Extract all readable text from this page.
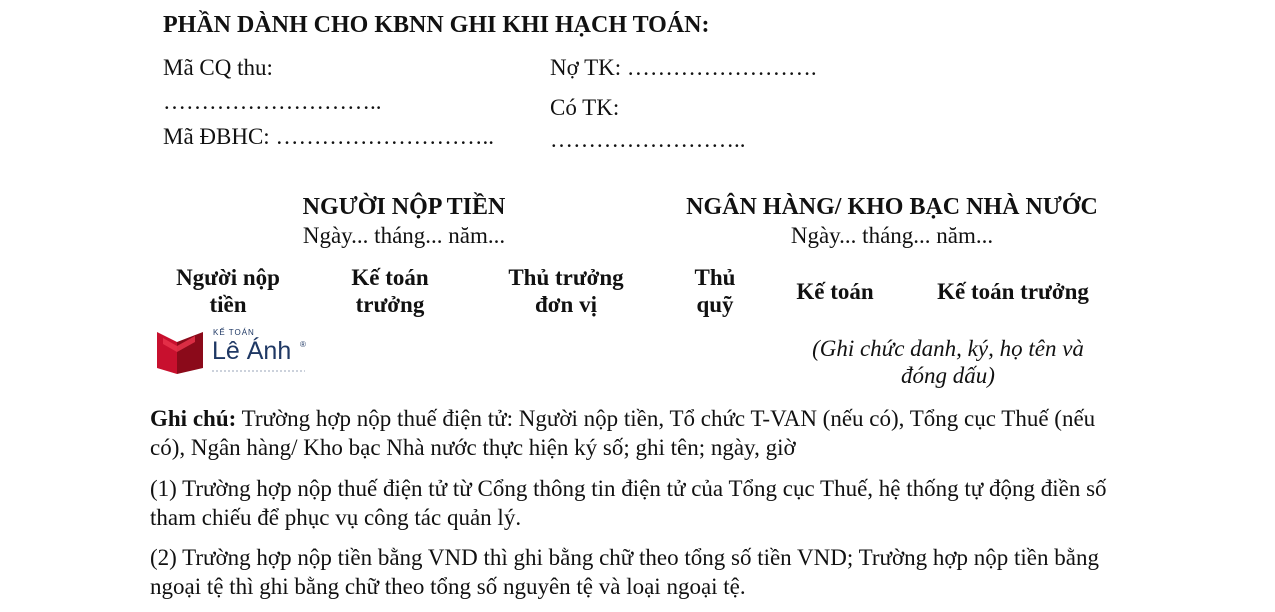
PHẦN DÀNH CHO KBNN GHI KHI HẠCH TOÁN:
Mã CQ thu:
………………………..
Mã ĐBHC: ………………………..
Nợ TK: …………………….
Có TK:
……………………..
NGƯỜI NỘP TIỀN
Ngày... tháng... năm...
Người nộp
tiền
Kế toán
trưởng
Thủ trưởng
đơn vị
NGÂN HÀNG/ KHO BẠC NHÀ NƯỚC
Ngày... tháng... năm...
Thủ
quỹ
Kế toán	Kế toán trưởng
(Ghi chức danh, ký, họ tên và
đóng dấu)
KẾ TOÁN
Lê Ánh ®
Ghi chú: Trường hợp nộp thuế điện tử: Người nộp tiền, Tổ chức T-VAN (nếu có), Tổng cục Thuế (nếu có), Ngân hàng/ Kho bạc Nhà nước thực hiện ký số; ghi tên; ngày, giờ
(1) Trường hợp nộp thuế điện tử từ Cổng thông tin điện tử của Tổng cục Thuế, hệ thống tự động điền số tham chiếu để phục vụ công tác quản lý.
(2) Trường hợp nộp tiền bằng VND thì ghi bằng chữ theo tổng số tiền VND; Trường hợp nộp tiền bằng ngoại tệ thì ghi bằng chữ theo tổng số nguyên tệ và loại ngoại tệ.
